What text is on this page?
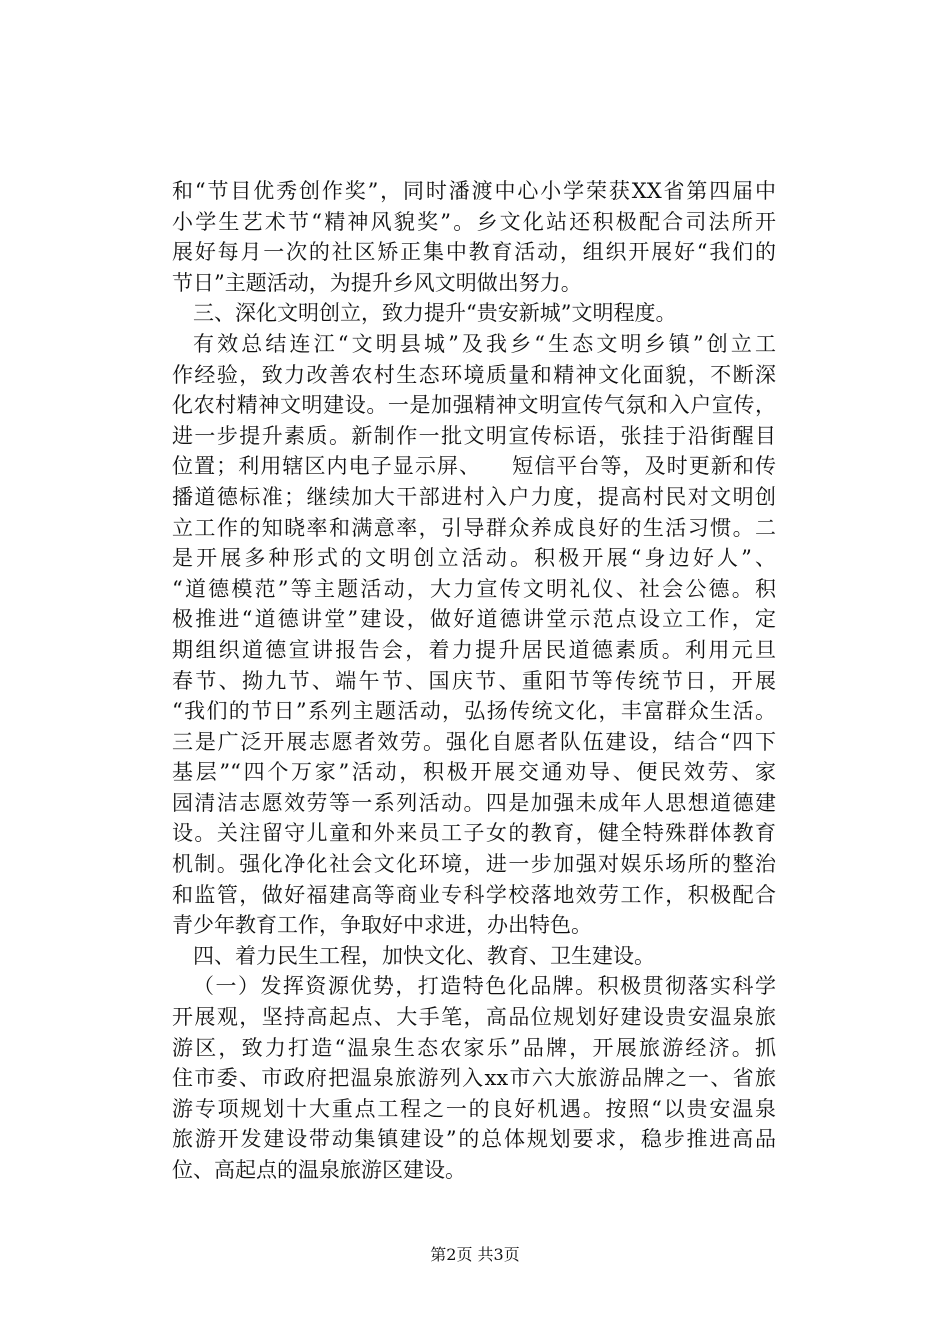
和“节目优秀创作奖”，同时潘渡中心小学荣获XX省第四届中
小学生艺术节“精神风貌奖”。乡文化站还积极配合司法所开
展好每月一次的社区矫正集中教育活动，组织开展好“我们的
节日”主题活动，为提升乡风文明做出努力。
三、深化文明创立，致力提升“贵安新城”文明程度。
有效总结连江“文明县城”及我乡“生态文明乡镇”创立工
作经验，致力改善农村生态环境质量和精神文化面貌，不断深
化农村精神文明建设。一是加强精神文明宣传气氛和入户宣传，
进一步提升素质。新制作一批文明宣传标语，张挂于沿街醒目
位置；利用辖区内电子显示屏、    短信平台等，及时更新和传
播道德标准；继续加大干部进村入户力度，提高村民对文明创
立工作的知晓率和满意率，引导群众养成良好的生活习惯。二
是开展多种形式的文明创立活动。积极开展“身边好人”、
“道德模范”等主题活动，大力宣传文明礼仪、社会公德。积
极推进“道德讲堂”建设，做好道德讲堂示范点设立工作，定
期组织道德宣讲报告会，着力提升居民道德素质。利用元旦
春节、拗九节、端午节、国庆节、重阳节等传统节日，开展
“我们的节日”系列主题活动，弘扬传统文化，丰富群众生活。
三是广泛开展志愿者效劳。强化自愿者队伍建设，结合“四下
基层”“四个万家”活动，积极开展交通劝导、便民效劳、家
园清洁志愿效劳等一系列活动。四是加强未成年人思想道德建
设。关注留守儿童和外来员工子女的教育，健全特殊群体教育
机制。强化净化社会文化环境，进一步加强对娱乐场所的整治
和监管，做好福建高等商业专科学校落地效劳工作，积极配合
青少年教育工作，争取好中求进，办出特色。
四、着力民生工程，加快文化、教育、卫生建设。
（一）发挥资源优势，打造特色化品牌。积极贯彻落实科学
开展观，坚持高起点、大手笔，高品位规划好建设贵安温泉旅
游区，致力打造“温泉生态农家乐”品牌，开展旅游经济。抓
住市委、市政府把温泉旅游列入xx市六大旅游品牌之一、省旅
游专项规划十大重点工程之一的良好机遇。按照“以贵安温泉
旅游开发建设带动集镇建设”的总体规划要求，稳步推进高品
位、高起点的温泉旅游区建设。
第2页 共3页
